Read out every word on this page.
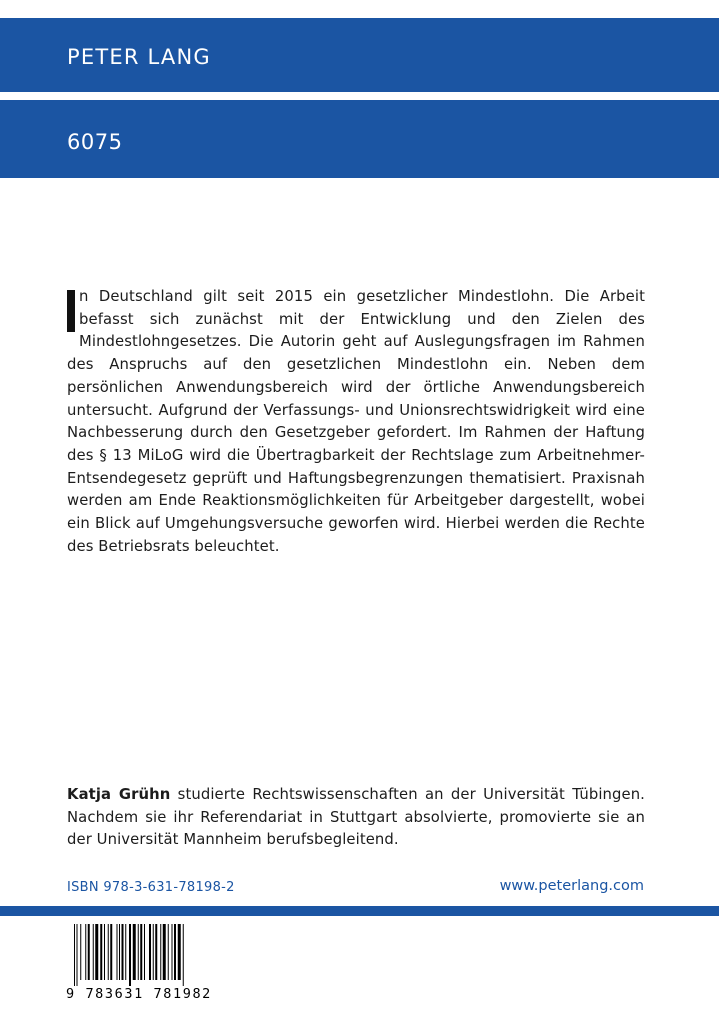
PETER LANG
6075
n Deutschland gilt seit 2015 ein gesetzlicher Mindestlohn. Die Arbeit befasst sich zunächst mit der Entwicklung und den Zielen des Mindestlohngesetzes. Die Autorin geht auf Auslegungsfragen im Rahmen des Anspruchs auf den gesetzlichen Mindestlohn ein. Neben dem persönlichen Anwendungsbereich wird der örtliche Anwendungsbereich untersucht. Aufgrund der Verfassungs- und Unionsrechtswidrigkeit wird eine Nachbesserung durch den Gesetzgeber gefordert. Im Rahmen der Haftung des § 13 MiLoG wird die Übertragbarkeit der Rechtslage zum Arbeitnehmer-Entsendegesetz geprüft und Haftungsbegrenzungen thematisiert. Praxisnah werden am Ende Reaktionsmöglichkeiten für Arbeitgeber dargestellt, wobei ein Blick auf Umgehungsversuche geworfen wird. Hierbei werden die Rechte des Betriebsrats beleuchtet.
Katja Grühn studierte Rechtswissenschaften an der Universität Tübingen. Nachdem sie ihr Referendariat in Stuttgart absolvierte, promovierte sie an der Universität Mannheim berufsbegleitend.
ISBN 978-3-631-78198-2	www.peterlang.com
9 783631 781982
